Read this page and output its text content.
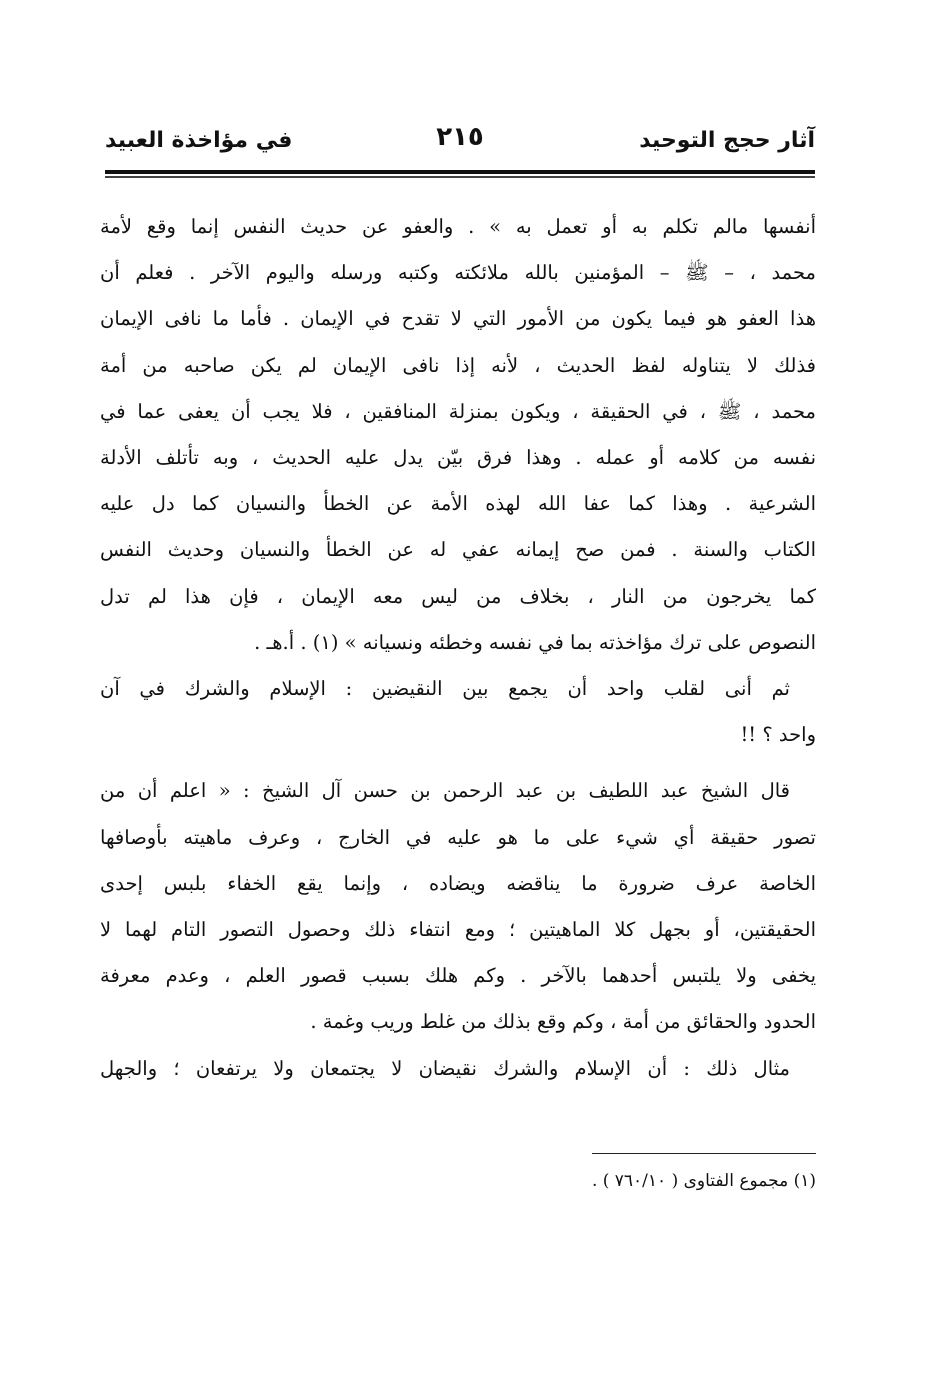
آثار حجج التوحيد
٢١٥
في مؤاخذة العبيد

أنفسها مالم تكلم به أو تعمل به » . والعفو عن حديث النفس إنما وقع لأمة
محمد ، – ﷺ – المؤمنين بالله ملائكته وكتبه ورسله واليوم الآخر . فعلم أن
هذا العفو هو فيما يكون من الأمور التي لا تقدح في الإيمان . فأما ما نافى الإيمان
فذلك لا يتناوله لفظ الحديث ، لأنه إذا نافى الإيمان لم يكن صاحبه من أمة
محمد ، ﷺ ، في الحقيقة ، ويكون بمنزلة المنافقين ، فلا يجب أن يعفى عما في
نفسه من كلامه أو عمله . وهذا فرق بيّن يدل عليه الحديث ، وبه تأتلف الأدلة
الشرعية . وهذا كما عفا الله لهذه الأمة عن الخطأ والنسيان كما دل عليه
الكتاب والسنة . فمن صح إيمانه عفي له عن الخطأ والنسيان وحديث النفس
كما يخرجون من النار ، بخلاف من ليس معه الإيمان ، فإن هذا لم تدل
النصوص على ترك مؤاخذته بما في نفسه وخطئه ونسيانه » (١) . أ.هـ .

ثم أنى لقلب واحد أن يجمع بين النقيضين : الإسلام والشرك في آن
واحد ؟ !!

قال الشيخ عبد اللطيف بن عبد الرحمن بن حسن آل الشيخ : « اعلم أن من
تصور حقيقة أي شيء على ما هو عليه في الخارج ، وعرف ماهيته بأوصافها
الخاصة عرف ضرورة ما يناقضه ويضاده ، وإنما يقع الخفاء بلبس إحدى
الحقيقتين، أو بجهل كلا الماهيتين ؛ ومع انتفاء ذلك وحصول التصور التام لهما لا
يخفى ولا يلتبس أحدهما بالآخر . وكم هلك بسبب قصور العلم ، وعدم معرفة
الحدود والحقائق من أمة ، وكم وقع بذلك من غلط وريب وغمة .

مثال ذلك : أن الإسلام والشرك نقيضان لا يجتمعان ولا يرتفعان ؛ والجهل

(١) مجموع الفتاوى ( ٧٦٠/١٠ ) .
